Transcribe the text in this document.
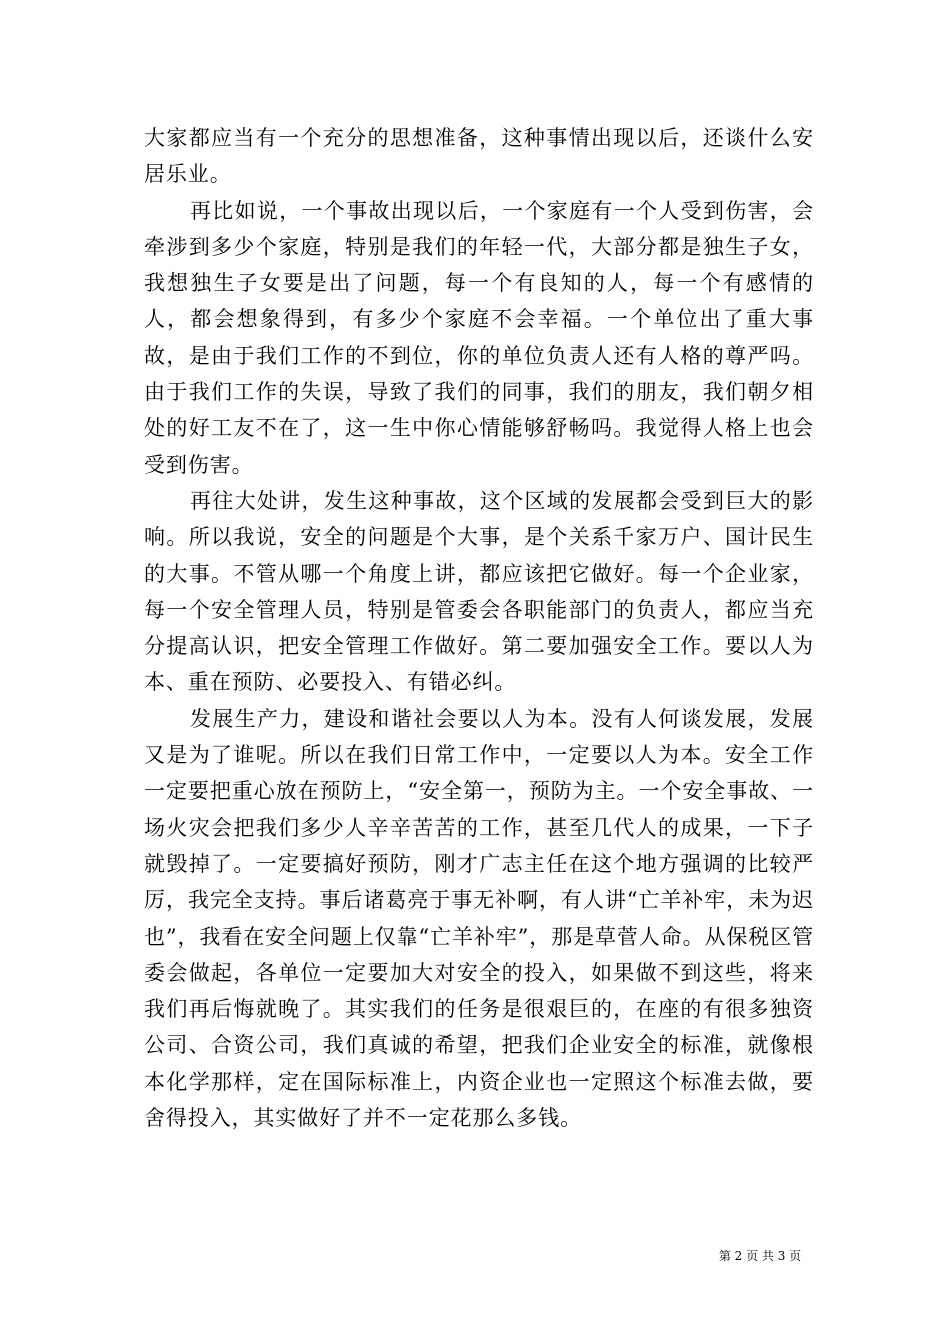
大家都应当有一个充分的思想准备，这种事情出现以后，还谈什么安居乐业。

再比如说，一个事故出现以后，一个家庭有一个人受到伤害，会牵涉到多少个家庭，特别是我们的年轻一代，大部分都是独生子女，我想独生子女要是出了问题，每一个有良知的人，每一个有感情的人，都会想象得到，有多少个家庭不会幸福。一个单位出了重大事故，是由于我们工作的不到位，你的单位负责人还有人格的尊严吗。由于我们工作的失误，导致了我们的同事，我们的朋友，我们朝夕相处的好工友不在了，这一生中你心情能够舒畅吗。我觉得人格上也会受到伤害。

再往大处讲，发生这种事故，这个区域的发展都会受到巨大的影响。所以我说，安全的问题是个大事，是个关系千家万户、国计民生的大事。不管从哪一个角度上讲，都应该把它做好。每一个企业家，每一个安全管理人员，特别是管委会各职能部门的负责人，都应当充分提高认识，把安全管理工作做好。第二要加强安全工作。要以人为本、重在预防、必要投入、有错必纠。

发展生产力，建设和谐社会要以人为本。没有人何谈发展，发展又是为了谁呢。所以在我们日常工作中，一定要以人为本。安全工作一定要把重心放在预防上，“安全第一，预防为主。一个安全事故、一场火灾会把我们多少人辛辛苦苦的工作，甚至几代人的成果，一下子就毁掉了。一定要搞好预防，刚才广志主任在这个地方强调的比较严厉，我完全支持。事后诸葛亮于事无补啊，有人讲“亡羊补牢，未为迟也”，我看在安全问题上仅靠“亡羊补牢”，那是草菅人命。从保税区管委会做起，各单位一定要加大对安全的投入，如果做不到这些，将来我们再后悔就晚了。其实我们的任务是很艰巨的，在座的有很多独资公司、合资公司，我们真诚的希望，把我们企业安全的标准，就像根本化学那样，定在国际标准上，内资企业也一定照这个标准去做，要舍得投入，其实做好了并不一定花那么多钱。

第 2 页 共 3 页
